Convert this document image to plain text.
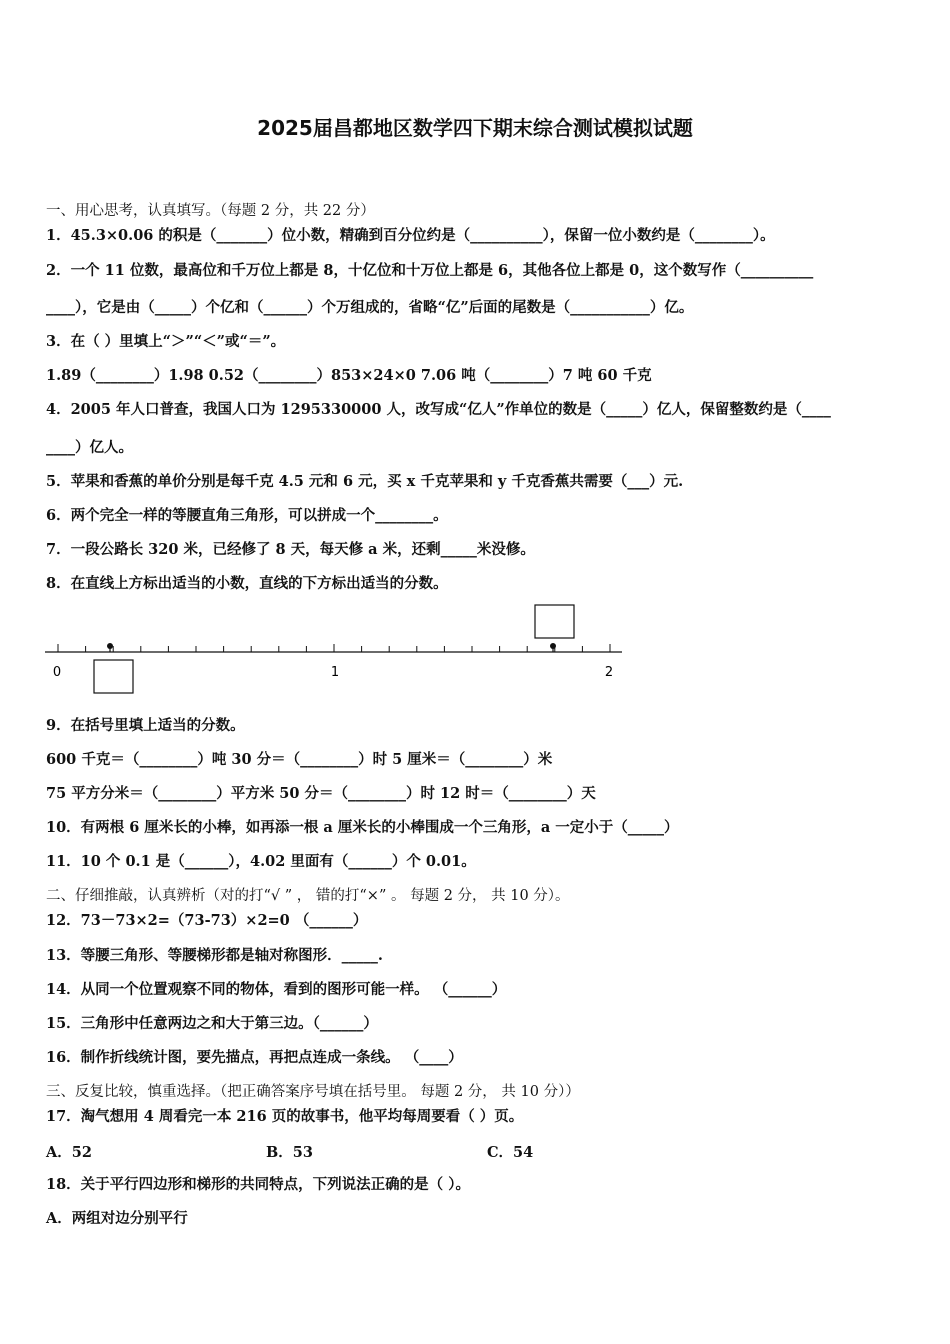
2025届昌都地区数学四下期末综合测试模拟试题
一、用心思考，认真填写。（每题 2 分，共 22 分）
1．45.3×0.06 的积是（_______）位小数，精确到百分位约是（__________），保留一位小数约是（________）。
2．一个 11 位数，最高位和千万位上都是 8，十亿位和十万位上都是 6，其他各位上都是 0，这个数写作（__________
____），它是由（_____）个亿和（______）个万组成的，省略“亿”后面的尾数是（___________）亿。
3．在（ ）里填上“＞”“＜”或“＝”。
1.89（________）1.98 0.52（________）853×24×0 7.06 吨（________）7 吨 60 千克
4．2005 年人口普查，我国人口为 1295330000 人，改写成“亿人”作单位的数是（_____）亿人，保留整数约是（____
____）亿人。
5．苹果和香蕉的单价分别是每千克 4.5 元和 6 元，买 x 千克苹果和 y 千克香蕉共需要（___）元.
6．两个完全一样的等腰直角三角形，可以拼成一个________。
7．一段公路长 320 米，已经修了 8 天，每天修 a 米，还剩_____米没修。
8．在直线上方标出适当的小数，直线的下方标出适当的分数。
0	1	2
9．在括号里填上适当的分数。
600 千克＝（________）吨 30 分＝（________）时 5 厘米＝（________）米
75 平方分米＝（________）平方米 50 分＝（________）时 12 时＝（________）天
10．有两根 6 厘米长的小棒，如再添一根 a 厘米长的小棒围成一个三角形，a 一定小于（_____）
11．10 个 0.1 是（______），4.02 里面有（______）个 0.01。
二、仔细推敲，认真辨析（对的打“√ ” ， 错的打“×” 。 每题 2 分， 共 10 分）。
12．73－73×2=（73-73）×2=0 （______）
13．等腰三角形、等腰梯形都是轴对称图形．_____.
14．从同一个位置观察不同的物体，看到的图形可能一样。 （______）
15．三角形中任意两边之和大于第三边。（______）
16．制作折线统计图，要先描点，再把点连成一条线。 （____）
三、反复比较，慎重选择。（把正确答案序号填在括号里。 每题 2 分， 共 10 分））
17．淘气想用 4 周看完一本 216 页的故事书，他平均每周要看（ ）页。
A．52	B．53	C．54
18．关于平行四边形和梯形的共同特点，下列说法正确的是（ ）。
A．两组对边分别平行
